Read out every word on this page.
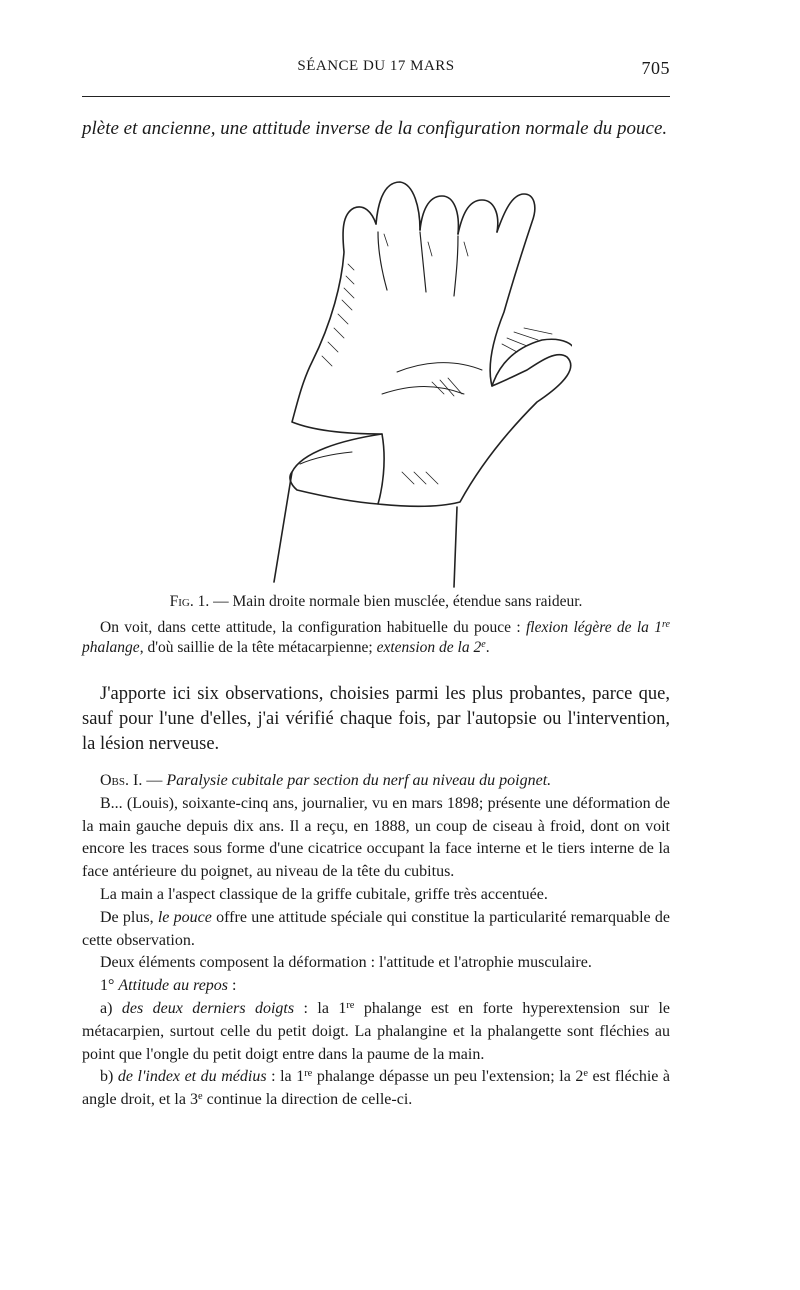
SÉANCE DU 17 MARS	705

plète et ancienne, une attitude inverse de la configuration normale du pouce.

Fig. 1. — Main droite normale bien musclée, étendue sans raideur.

On voit, dans cette attitude, la configuration habituelle du pouce : flexion légère de la 1re phalange, d'où saillie de la tête métacarpienne; extension de la 2e.

J'apporte ici six observations, choisies parmi les plus probantes, parce que, sauf pour l'une d'elles, j'ai vérifié chaque fois, par l'autopsie ou l'intervention, la lésion nerveuse.

Obs. I. — Paralysie cubitale par section du nerf au niveau du poignet.

B... (Louis), soixante-cinq ans, journalier, vu en mars 1898; présente une déformation de la main gauche depuis dix ans. Il a reçu, en 1888, un coup de ciseau à froid, dont on voit encore les traces sous forme d'une cicatrice occupant la face interne et le tiers interne de la face antérieure du poignet, au niveau de la tête du cubitus.

La main a l'aspect classique de la griffe cubitale, griffe très accentuée.

De plus, le pouce offre une attitude spéciale qui constitue la particularité remarquable de cette observation.

Deux éléments composent la déformation : l'attitude et l'atrophie musculaire.

1° Attitude au repos :

a) des deux derniers doigts : la 1re phalange est en forte hyperextension sur le métacarpien, surtout celle du petit doigt. La phalangine et la phalangette sont fléchies au point que l'ongle du petit doigt entre dans la paume de la main.

b) de l'index et du médius : la 1re phalange dépasse un peu l'extension; la 2e est fléchie à angle droit, et la 3e continue la direction de celle-ci.
